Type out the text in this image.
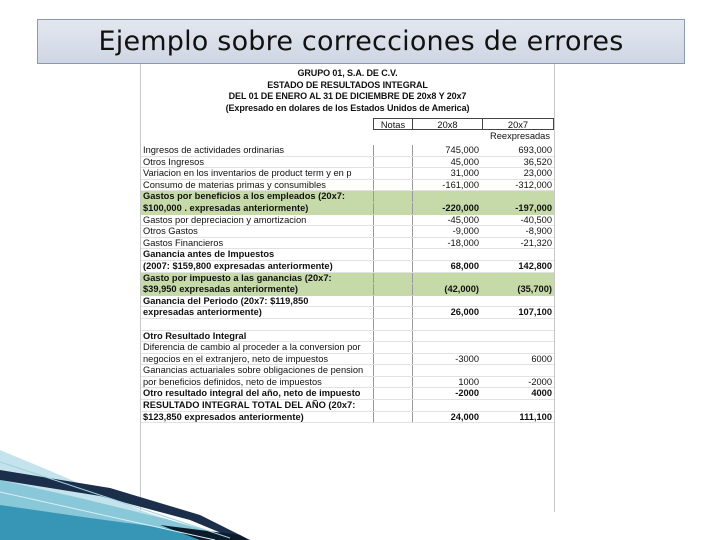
Ejemplo sobre correcciones de errores
GRUPO 01, S.A. DE C.V.
ESTADO DE RESULTADOS INTEGRAL
DEL 01 DE ENERO AL 31 DE DICIEMBRE DE 20x8 Y 20x7
(Expresado en dolares de los Estados Unidos de America)
Notas	20x8	20x7
Reexpresadas
Ingresos de actividades ordinarias	745,000	693,000
Otros Ingresos	45,000	36,520
Variacion en los inventarios de product term y en p	31,000	23,000
Consumo de materias primas y consumibles	-161,000	-312,000
Gastos por beneficios a los empleados (20x7:
$100,000 . expresadas anteriormente)	-220,000	-197,000
Gastos por depreciacion y amortizacion	-45,000	-40,500
Otros Gastos	-9,000	-8,900
Gastos Financieros	-18,000	-21,320
Ganancia antes de Impuestos
(2007: $159,800 expresadas anteriormente)	68,000	142,800
Gasto por impuesto a las ganancias (20x7:
$39,950 expresadas anteriormente)	(42,000)	(35,700)
Ganancia del Periodo (20x7: $119,850
expresadas anteriormente)	26,000	107,100
Otro Resultado Integral
Diferencia de cambio al proceder a la conversion por
negocios en el extranjero, neto de impuestos	-3000	6000
Ganancias actuariales sobre obligaciones de pension
por beneficios definidos, neto de impuestos	1000	-2000
Otro resultado integral del año, neto de impuesto	-2000	4000
RESULTADO INTEGRAL TOTAL DEL AÑO (20x7:
$123,850 expresados anteriormente)	24,000	111,100
